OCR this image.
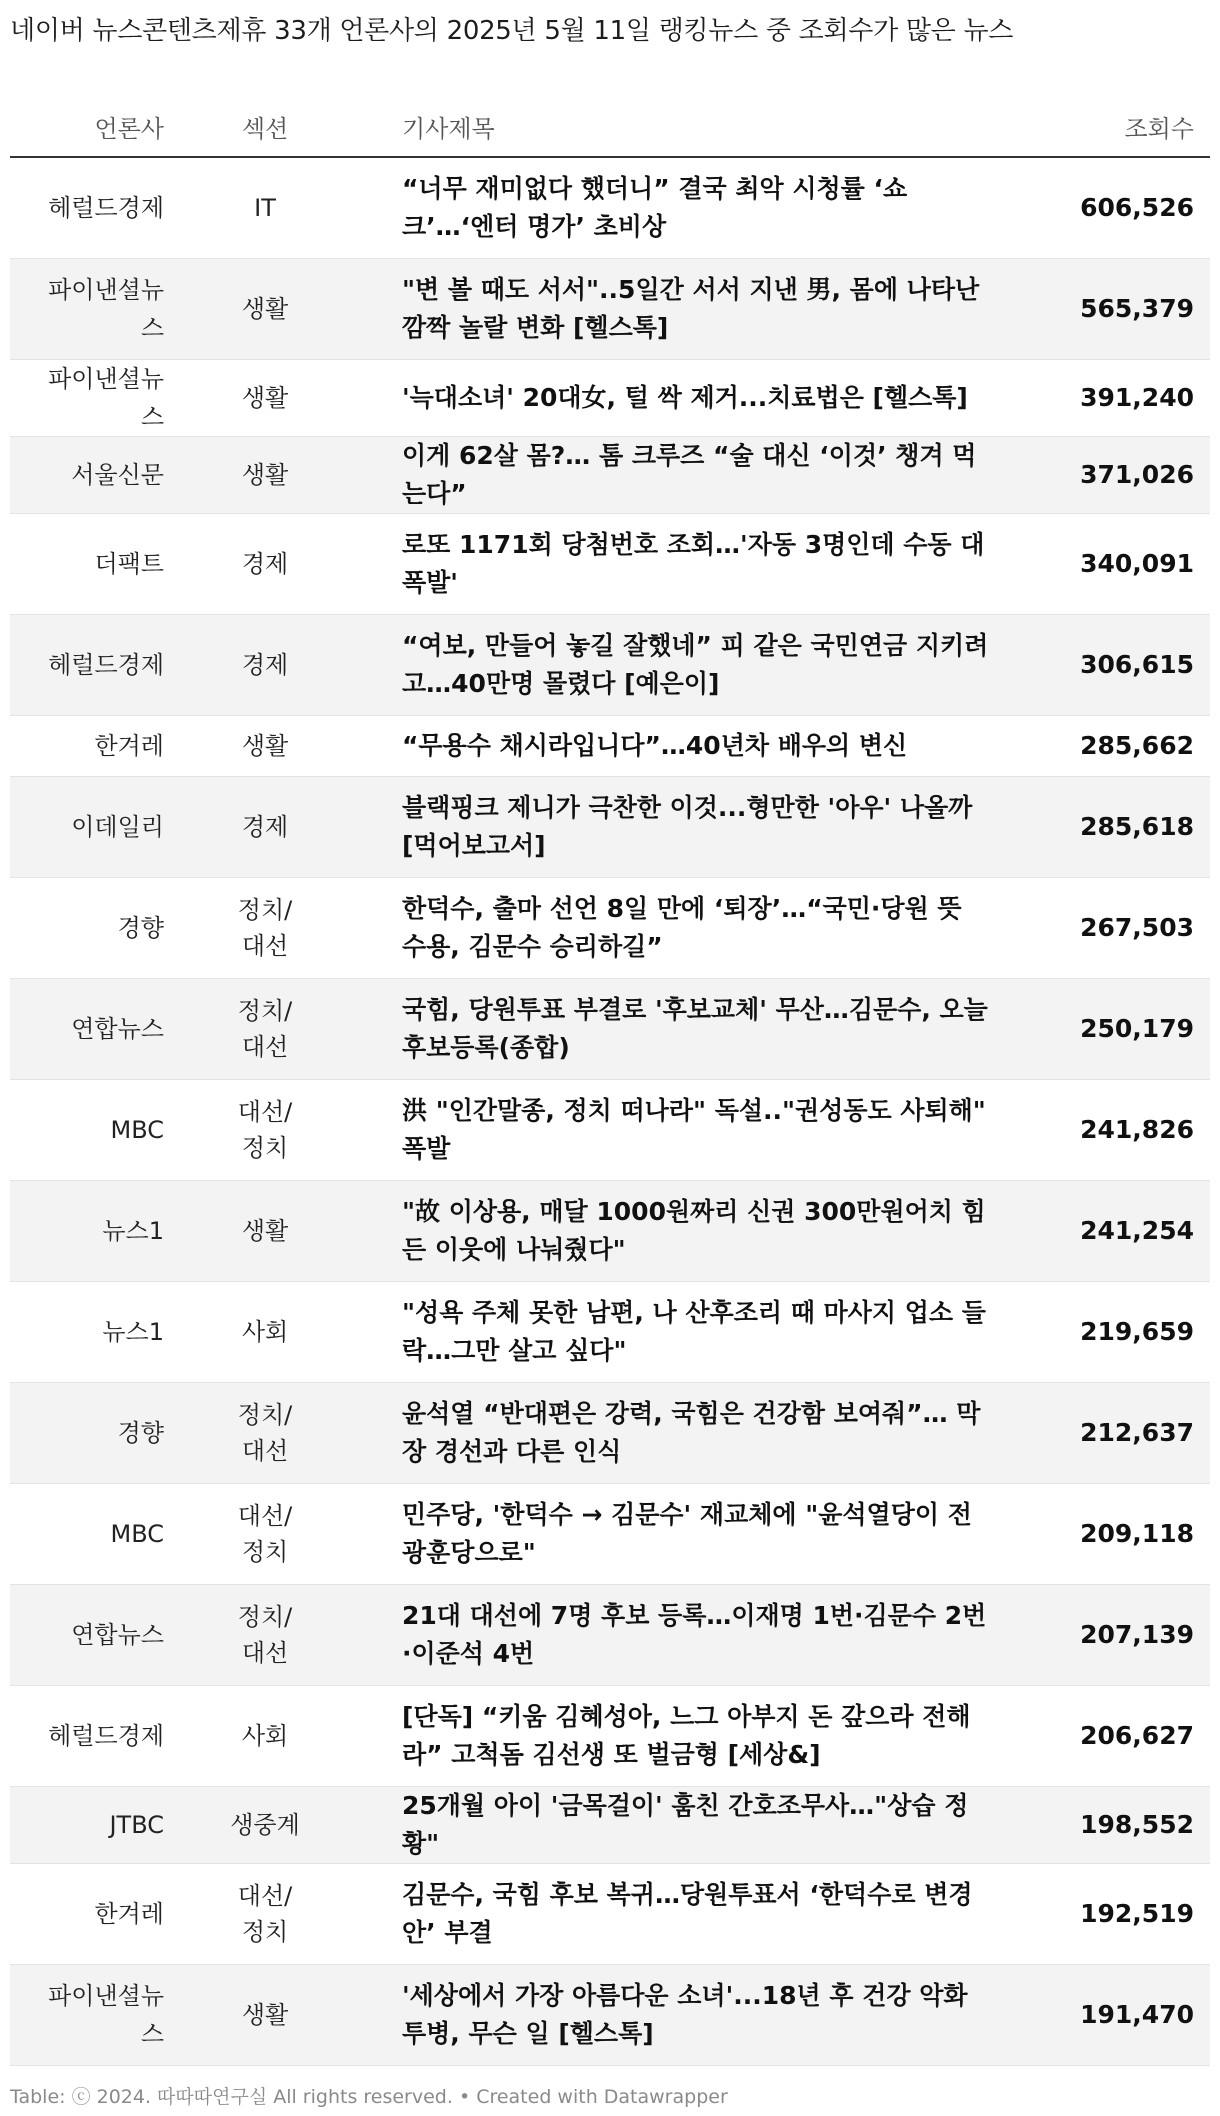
네이버 뉴스콘텐츠제휴 33개 언론사의 2025년 5월 11일 랭킹뉴스 중 조회수가 많은 뉴스
언론사	섹션	기사제목	조회수
헤럴드경제	IT	“너무 재미없다 했더니” 결국 최악 시청률 ‘쇼크’…‘엔터 명가’ 초비상	606,526
파이낸셜뉴스	생활	"변 볼 때도 서서"..5일간 서서 지낸 男, 몸에 나타난 깜짝 놀랄 변화 [헬스톡]	565,379
파이낸셜뉴스	생활	'늑대소녀' 20대女, 털 싹 제거...치료법은 [헬스톡]	391,240
서울신문	생활	이게 62살 몸?… 톰 크루즈 “술 대신 ‘이것’ 챙겨 먹는다”	371,026
더팩트	경제	로또 1171회 당첨번호 조회…'자동 3명인데 수동 대폭발'	340,091
헤럴드경제	경제	“여보, 만들어 놓길 잘했네” 피 같은 국민연금 지키려고…40만명 몰렸다 [예은이]	306,615
한겨레	생활	“무용수 채시라입니다”…40년차 배우의 변신	285,662
이데일리	경제	블랙핑크 제니가 극찬한 이것...형만한 '아우' 나올까[먹어보고서]	285,618
경향	정치/대선	한덕수, 출마 선언 8일 만에 ‘퇴장’…“국민·당원 뜻 수용, 김문수 승리하길”	267,503
연합뉴스	정치/대선	국힘, 당원투표 부결로 '후보교체' 무산…김문수, 오늘 후보등록(종합)	250,179
MBC	대선/정치	洪 "인간말종, 정치 떠나라" 독설.."권성동도 사퇴해" 폭발	241,826
뉴스1	생활	"故 이상용, 매달 1000원짜리 신권 300만원어치 힘든 이웃에 나눠줬다"	241,254
뉴스1	사회	"성욕 주체 못한 남편, 나 산후조리 때 마사지 업소 들락…그만 살고 싶다"	219,659
경향	정치/대선	윤석열 “반대편은 강력, 국힘은 건강함 보여줘”… 막장 경선과 다른 인식	212,637
MBC	대선/정치	민주당, '한덕수 → 김문수' 재교체에 "윤석열당이 전광훈당으로"	209,118
연합뉴스	정치/대선	21대 대선에 7명 후보 등록…이재명 1번·김문수 2번·이준석 4번	207,139
헤럴드경제	사회	[단독] “키움 김혜성아, 느그 아부지 돈 갚으라 전해라” 고척돔 김선생 또 벌금형 [세상&]	206,627
JTBC	생중계	25개월 아이 '금목걸이' 훔친 간호조무사…"상습 정황"	198,552
한겨레	대선/정치	김문수, 국힘 후보 복귀…당원투표서 ‘한덕수로 변경안’ 부결	192,519
파이낸셜뉴스	생활	'세상에서 가장 아름다운 소녀'...18년 후 건강 악화 투병, 무슨 일 [헬스톡]	191,470
Table: ⓒ 2024. 따따따연구실 All rights reserved. • Created with Datawrapper
